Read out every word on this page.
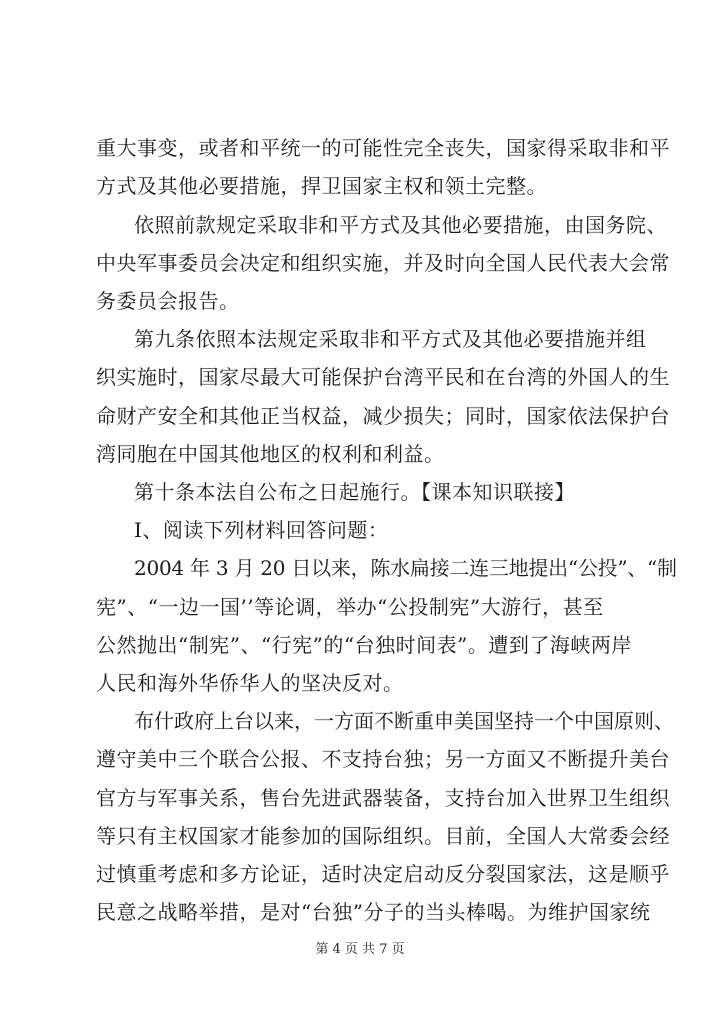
重大事变，或者和平统一的可能性完全丧失，国家得采取非和平
方式及其他必要措施，捍卫国家主权和领土完整。
依照前款规定采取非和平方式及其他必要措施，由国务院、
中央军事委员会决定和组织实施，并及时向全国人民代表大会常
务委员会报告。
第九条依照本法规定采取非和平方式及其他必要措施并组
织实施时，国家尽最大可能保护台湾平民和在台湾的外国人的生
命财产安全和其他正当权益，减少损失；同时，国家依法保护台
湾同胞在中国其他地区的权利和利益。
第十条本法自公布之日起施行。【课本知识联接】
Ⅰ、阅读下列材料回答问题：
2004 年 3 月 20 日以来，陈水扁接二连三地提出“公投”、“制
宪”、“一边一国’’等论调，举办“公投制宪”大游行，甚至
公然抛出“制宪”、“行宪”的“台独时间表”。遭到了海峡两岸
人民和海外华侨华人的坚决反对。
布什政府上台以来，一方面不断重申美国坚持一个中国原则、
遵守美中三个联合公报、不支持台独；另一方面又不断提升美台
官方与军事关系，售台先进武器装备，支持台加入世界卫生组织
等只有主权国家才能参加的国际组织。目前，全国人大常委会经
过慎重考虑和多方论证，适时决定启动反分裂国家法，这是顺乎
民意之战略举措，是对“台独”分子的当头棒喝。为维护国家统
第 4 页 共 7 页
